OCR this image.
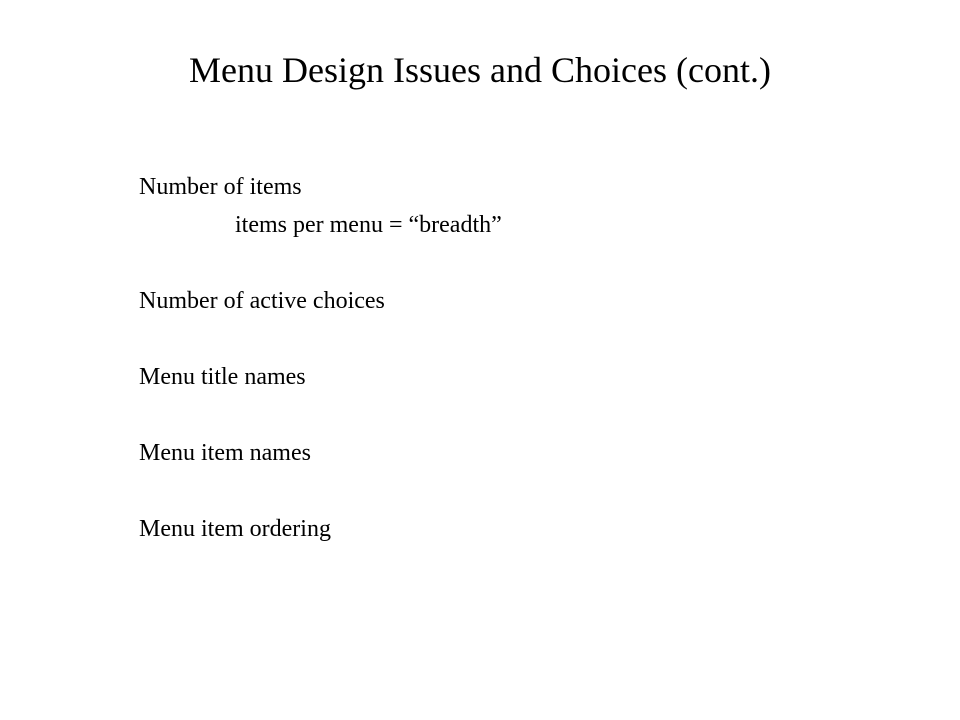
Menu Design Issues and Choices (cont.)
Number of items
items per menu = “breadth”
Number of active choices
Menu title names
Menu item names
Menu item ordering
